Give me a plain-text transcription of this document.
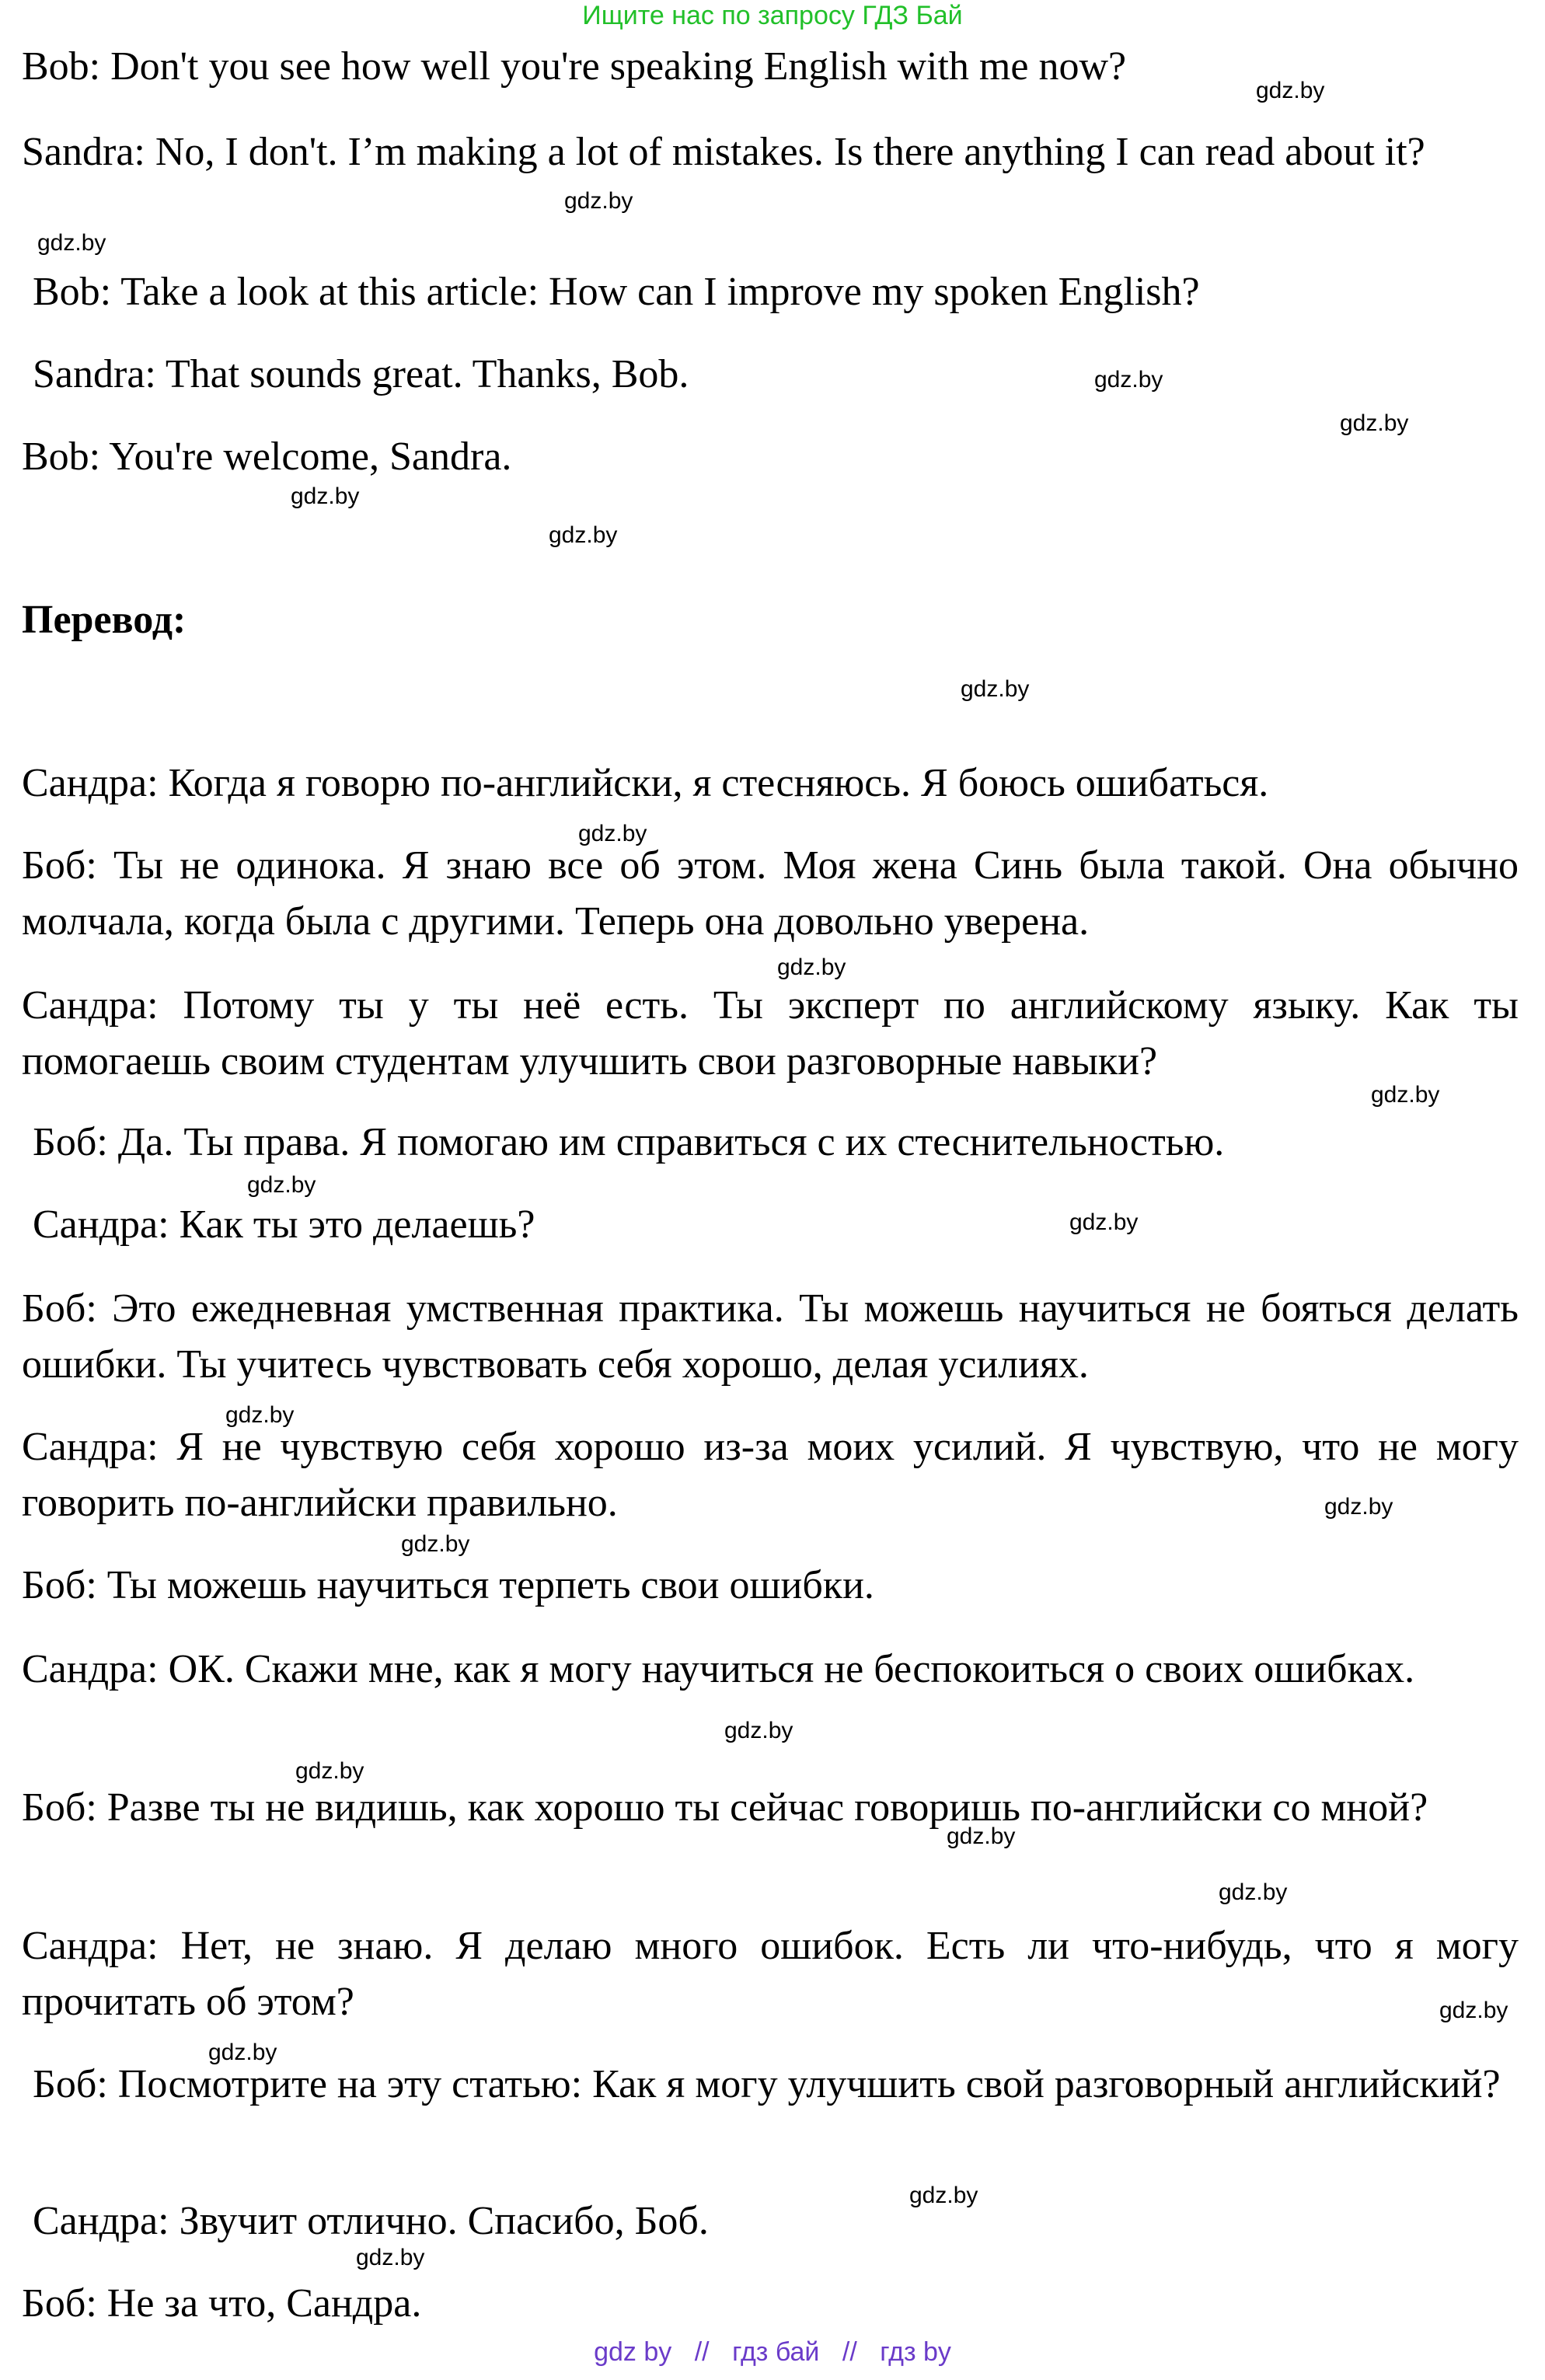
Ищите нас по запросу ГДЗ Бай
Bob: Don't you see how well you're speaking English with me now?
Sandra: No, I don't. I’m making a lot of mistakes. Is there anything I can read about it?
Bob: Take a look at this article: How can I improve my spoken English?
Sandra: That sounds great. Thanks, Bob.
Bob: You're welcome, Sandra.
Перевод:
Сандра: Когда я говорю по-английски, я стесняюсь. Я боюсь ошибаться.
Боб: Ты не одинока. Я знаю все об этом. Моя жена Синь была такой. Она обычно молчала, когда была с другими. Теперь она довольно уверена.
Сандра: Потому ты у ты неё есть. Ты эксперт по английскому языку. Как ты помогаешь своим студентам улучшить свои разговорные навыки?
Боб: Да. Ты права. Я помогаю им справиться с их стеснительностью.
Сандра: Как ты это делаешь?
Боб: Это ежедневная умственная практика. Ты можешь научиться не бояться делать ошибки. Ты учитесь чувствовать себя хорошо, делая усилиях.
Сандра: Я не чувствую себя хорошо из-за моих усилий. Я чувствую, что не могу говорить по-английски правильно.
Боб: Ты можешь научиться терпеть свои ошибки.
Сандра: ОК. Скажи мне, как я могу научиться не беспокоиться о своих ошибках.
Боб: Разве ты не видишь, как хорошо ты сейчас говоришь по-английски со мной?
Сандра: Нет, не знаю. Я делаю много ошибок. Есть ли что-нибудь, что я могу прочитать об этом?
Боб: Посмотрите на эту статью: Как я могу улучшить свой разговорный английский?
Сандра: Звучит отлично. Спасибо, Боб.
Боб: Не за что, Сандра.
gdz.by
gdz.by
gdz.by
gdz.by
gdz.by
gdz.by
gdz.by
gdz.by
gdz.by
gdz.by
gdz.by
gdz.by
gdz.by
gdz.by
gdz.by
gdz.by
gdz.by
gdz.by
gdz.by
gdz.by
gdz.by
gdz.by
gdz.by
gdz.by
gdz by // гдз бай // гдз by
